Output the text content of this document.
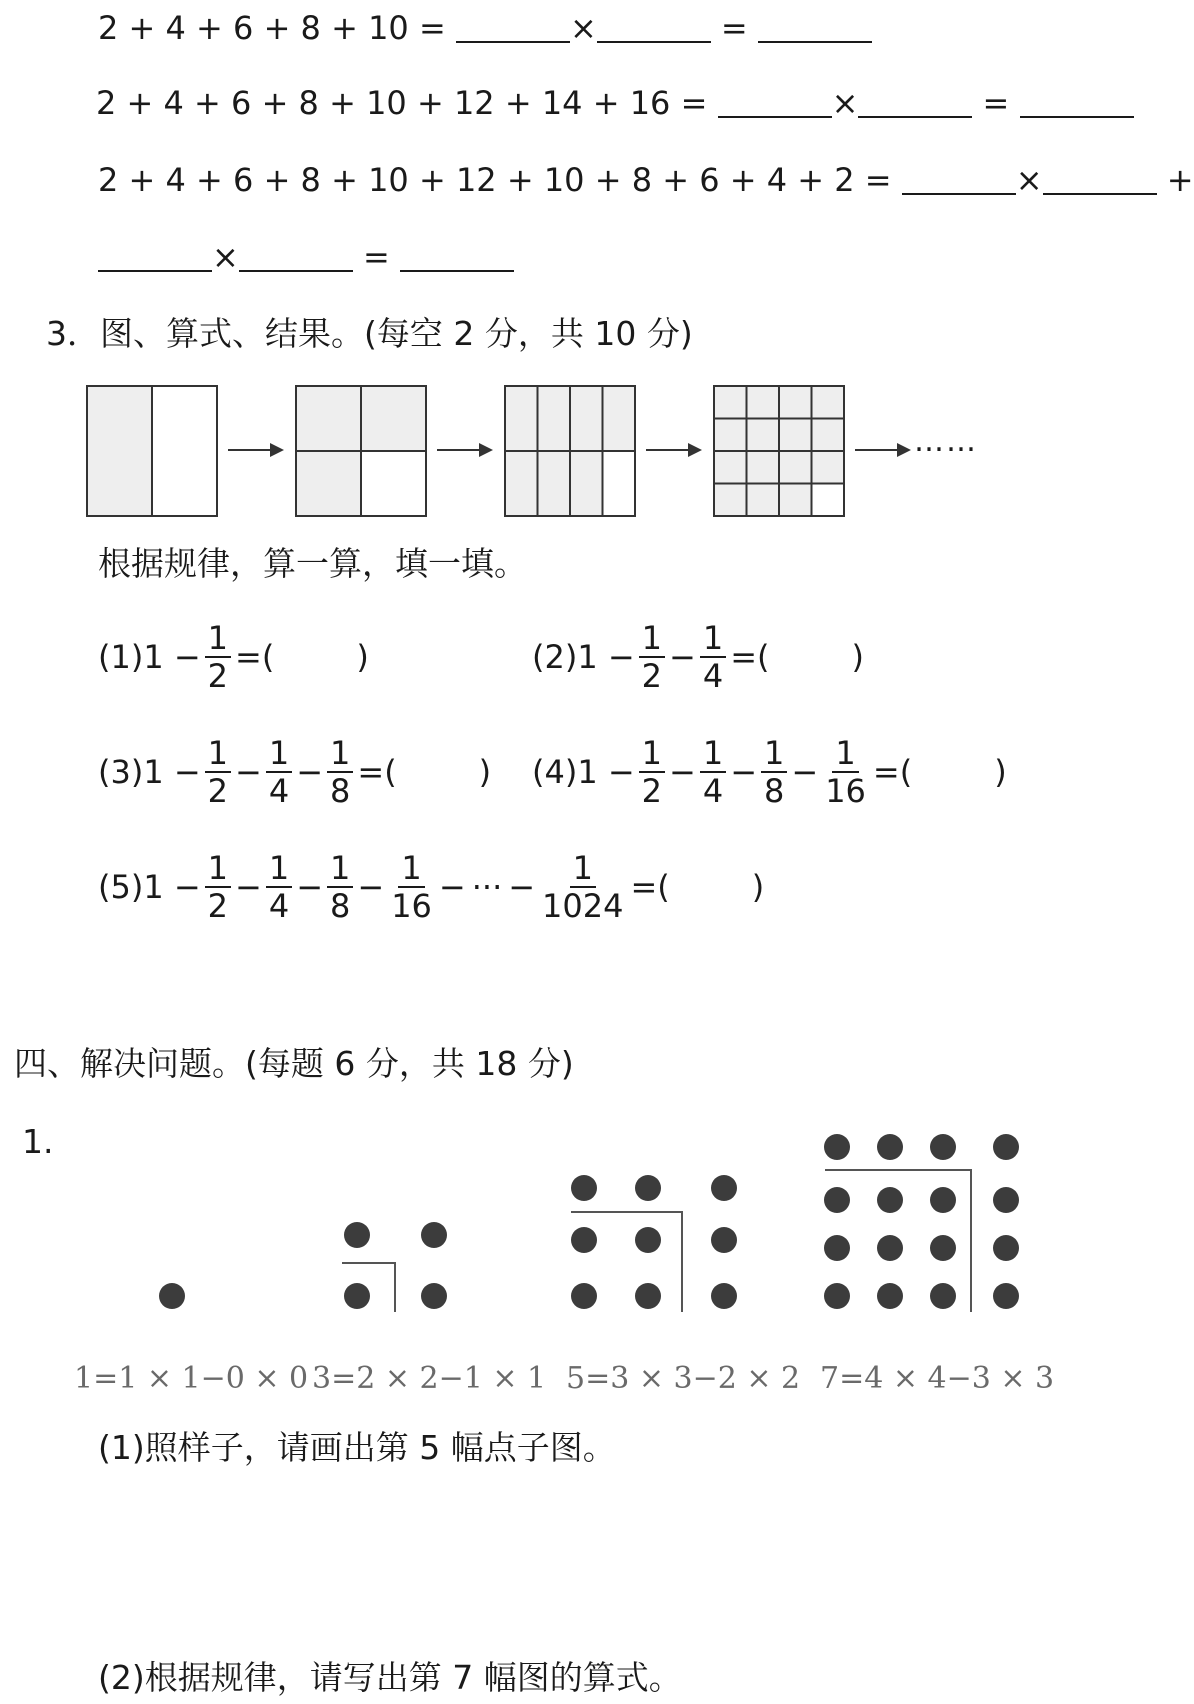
2 + 4 + 6 + 8 + 10 =	×	=
2 + 4 + 6 + 8 + 10 + 12 + 14 + 16 =	×	=
2 + 4 + 6 + 8 + 10 + 12 + 10 + 8 + 6 + 4 + 2 =	×	+
×	=
3．图、算式、结果。(每空 2 分，共 10 分)
……
根据规律，算一算，填一填。
$(1)1 - \frac{1}{2}$ = (	)	$(2)1 - \frac{1}{2} - \frac{1}{4}$ = (	)
$(3)1 - \frac{1}{2} - \frac{1}{4} - \frac{1}{8}$ = (	) $(4)1 - \frac{1}{2} - \frac{1}{4} - \frac{1}{8} - \frac{1}{16}$ = (	)
$(5)1 - \frac{1}{2} - \frac{1}{4} - \frac{1}{8} - \frac{1}{16}$ − ··· − $\frac{1}{1024}$ = (	)
四、解决问题。(每题 6 分，共 18 分)
1.
1=1 × 1−0 × 0 3=2 × 2−1 × 1 5=3 × 3−2 × 2 7=4 × 4−3 × 3
(1)照样子，请画出第 5 幅点子图。
(2)根据规律，请写出第 7 幅图的算式。
